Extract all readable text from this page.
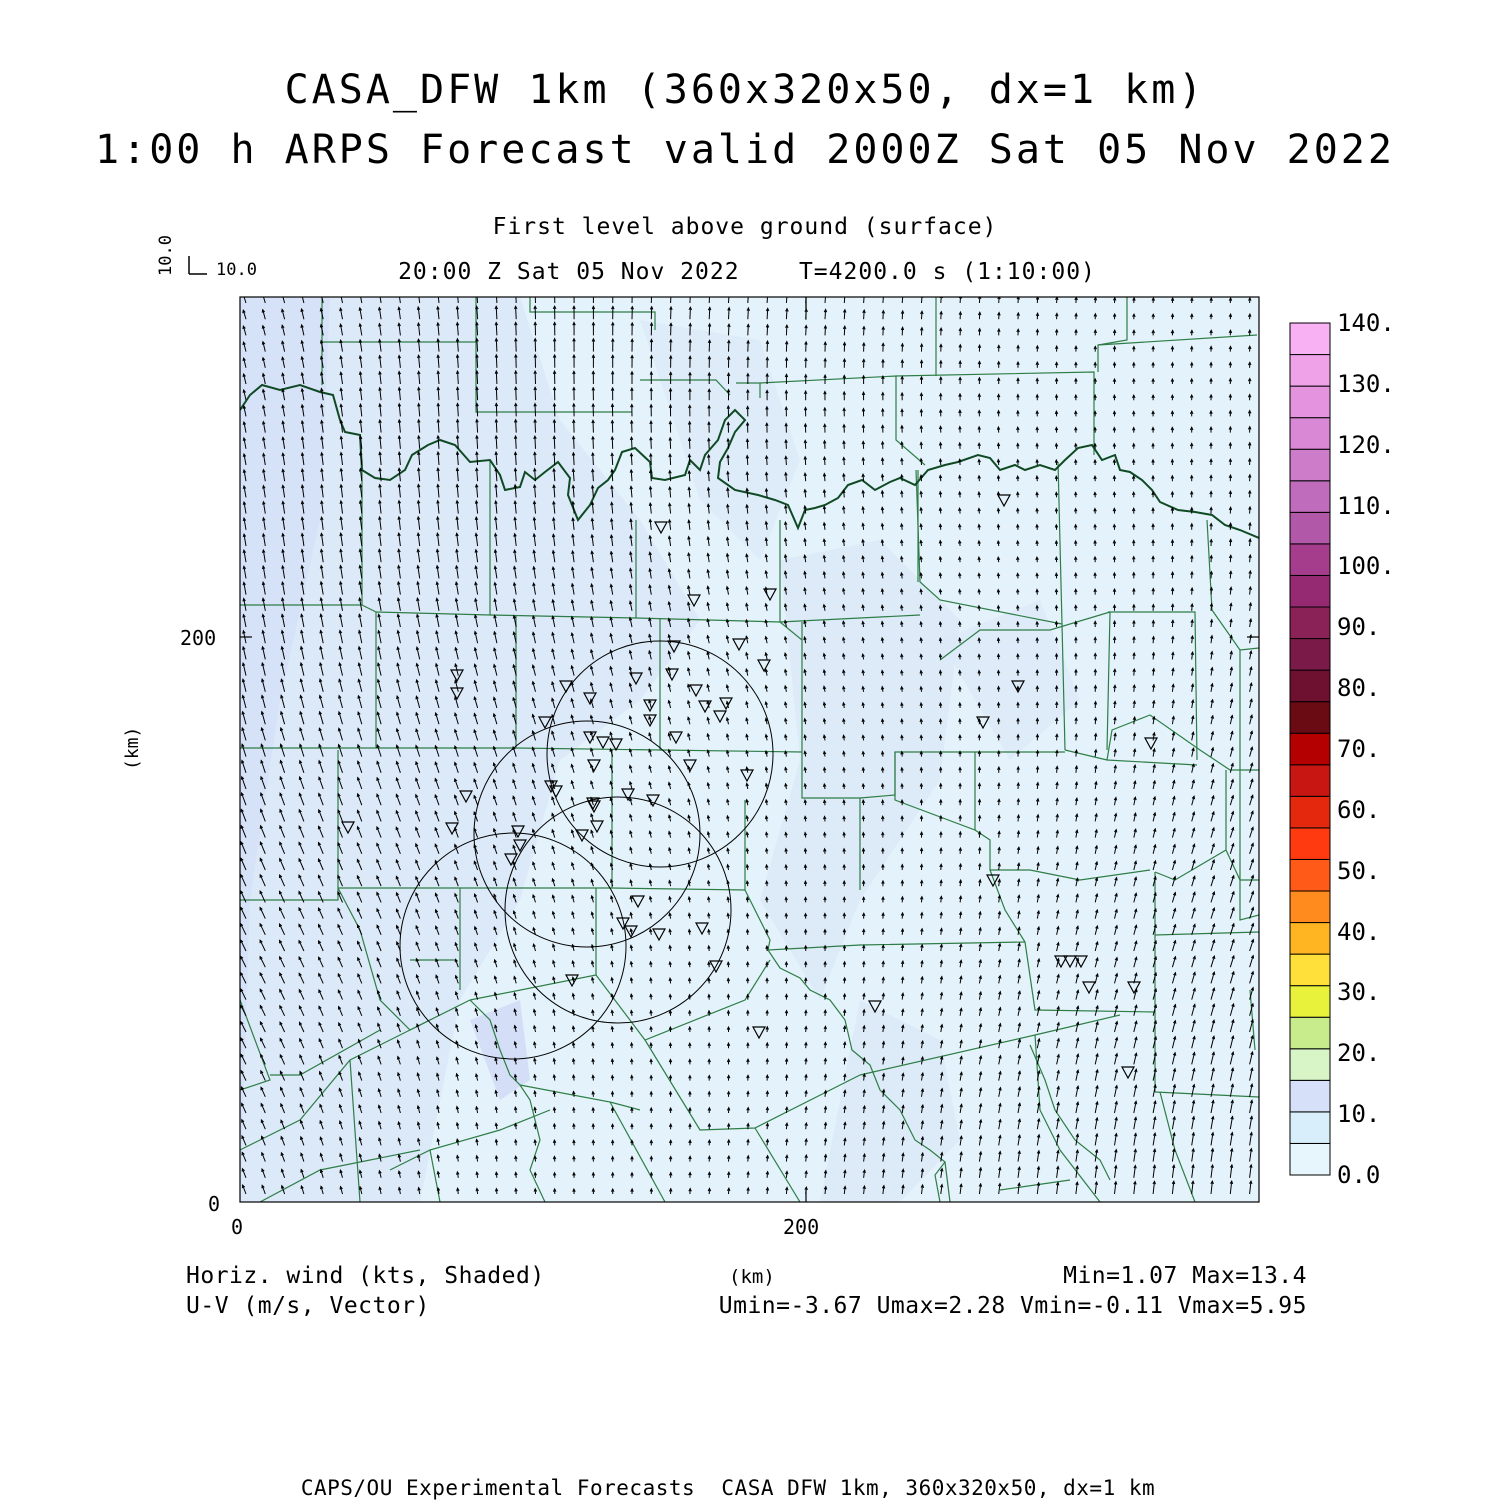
CASA_DFW 1km (360x320x50, dx=1 km)
1:00 h ARPS Forecast valid 2000Z Sat 05 Nov 2022
First level above ground (surface)
20:00 Z Sat 05 Nov 2022    T=4200.0 s (1:10:00)
10.0 10.0
200
0
0	200
(km)
0.0
10.
20.
30.
40.
50.
60.
70.
80.
90.
100.
110.
120.
130.
140.
Horiz. wind (kts, Shaded)
U-V (m/s, Vector)
(km)	Min=1.07 Max=13.4
Umin=-3.67 Umax=2.28 Vmin=-0.11 Vmax=5.95
CAPS/OU Experimental Forecasts  CASA DFW 1km, 360x320x50, dx=1 km
